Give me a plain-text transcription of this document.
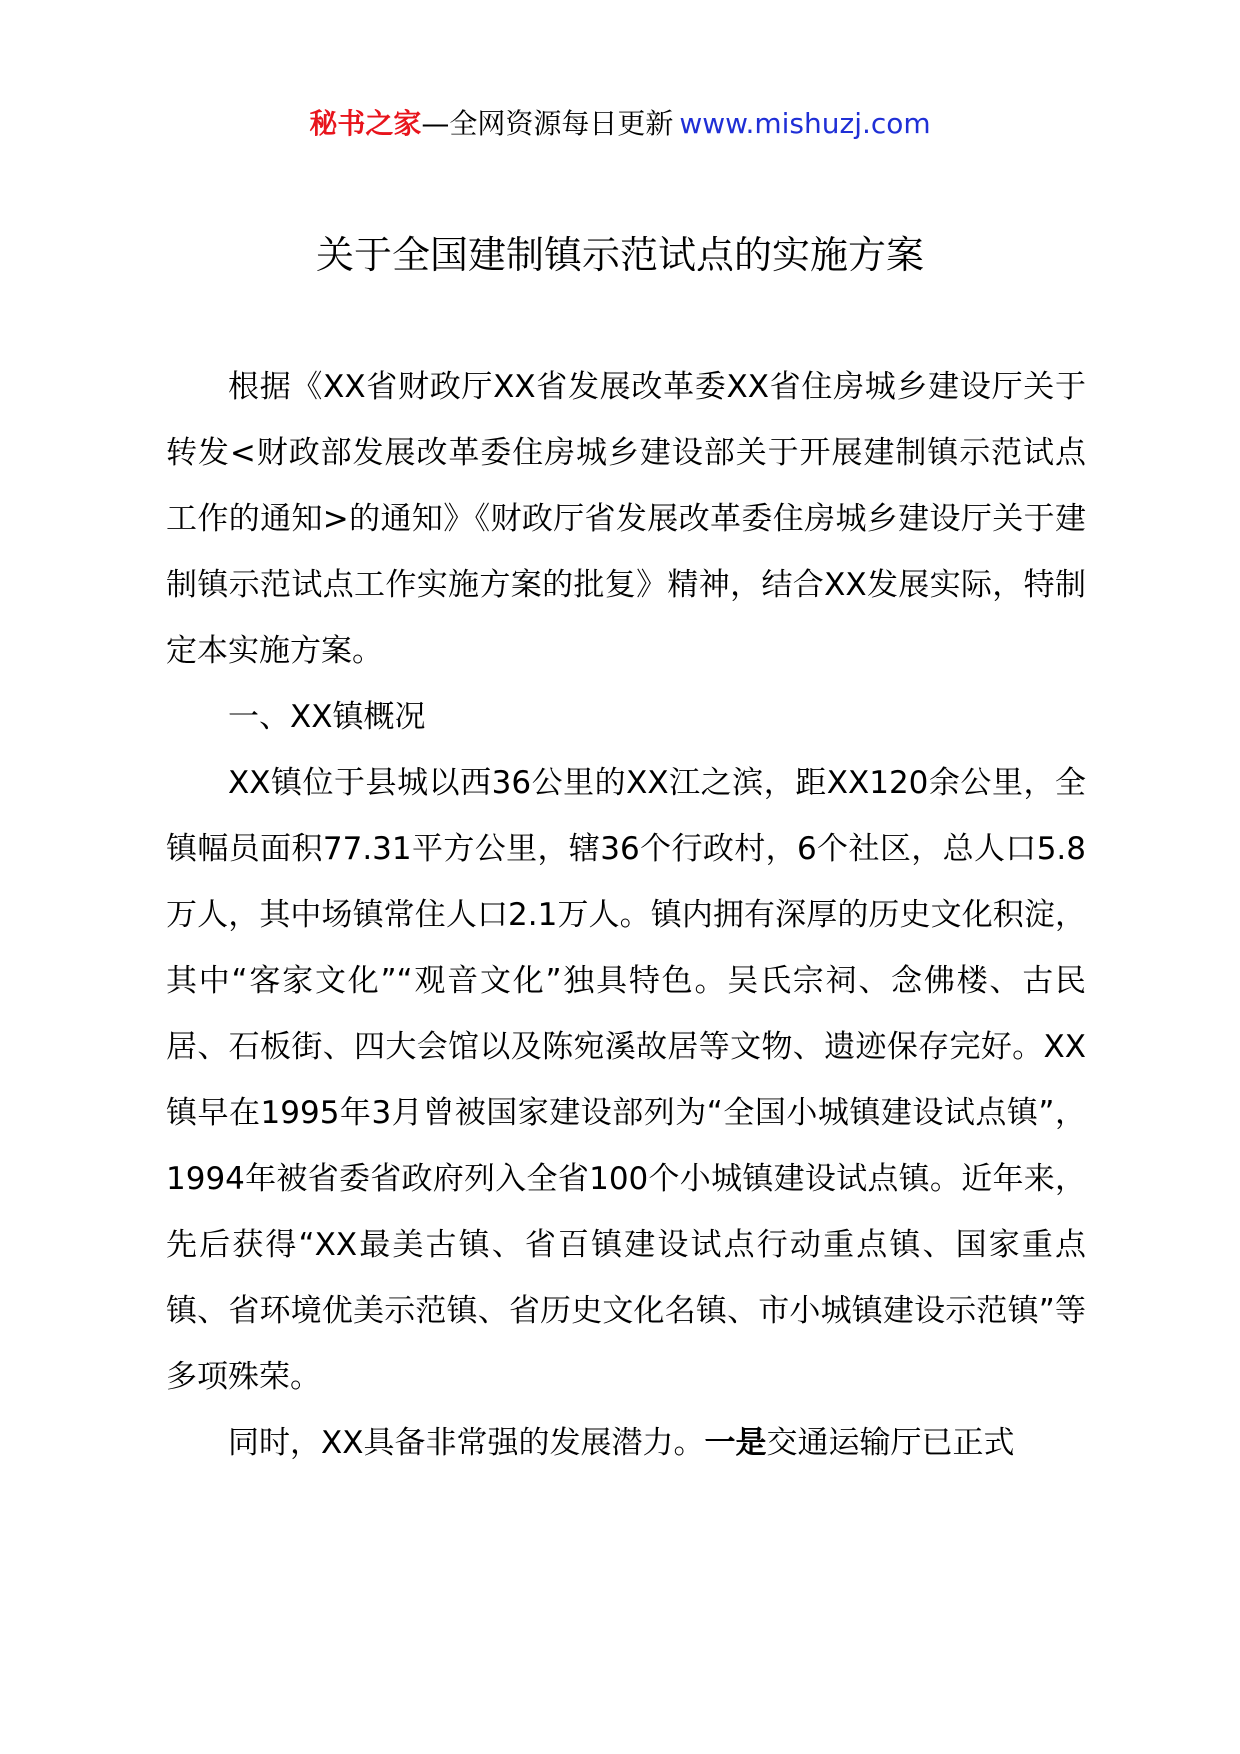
秘书之家—全网资源每日更新 www.mishuzj.com
关于全国建制镇示范试点的实施方案

根据《XX省财政厅XX省发展改革委XX省住房城乡建设厅关于转发<财政部发展改革委住房城乡建设部关于开展建制镇示范试点工作的通知>的通知》《财政厅省发展改革委住房城乡建设厅关于建制镇示范试点工作实施方案的批复》精神，结合XX发展实际，特制定本实施方案。

一、XX镇概况

XX镇位于县城以西36公里的XX江之滨，距XX120余公里，全镇幅员面积77.31平方公里，辖36个行政村，6个社区，总人口5.8万人，其中场镇常住人口2.1万人。镇内拥有深厚的历史文化积淀，其中“客家文化”“观音文化”独具特色。吴氏宗祠、念佛楼、古民居、石板街、四大会馆以及陈宛溪故居等文物、遗迹保存完好。XX镇早在1995年3月曾被国家建设部列为“全国小城镇建设试点镇”，1994年被省委省政府列入全省100个小城镇建设试点镇。近年来，先后获得“XX最美古镇、省百镇建设试点行动重点镇、国家重点镇、省环境优美示范镇、省历史文化名镇、市小城镇建设示范镇”等多项殊荣。

同时，XX具备非常强的发展潜力。一是交通运输厅已正式
